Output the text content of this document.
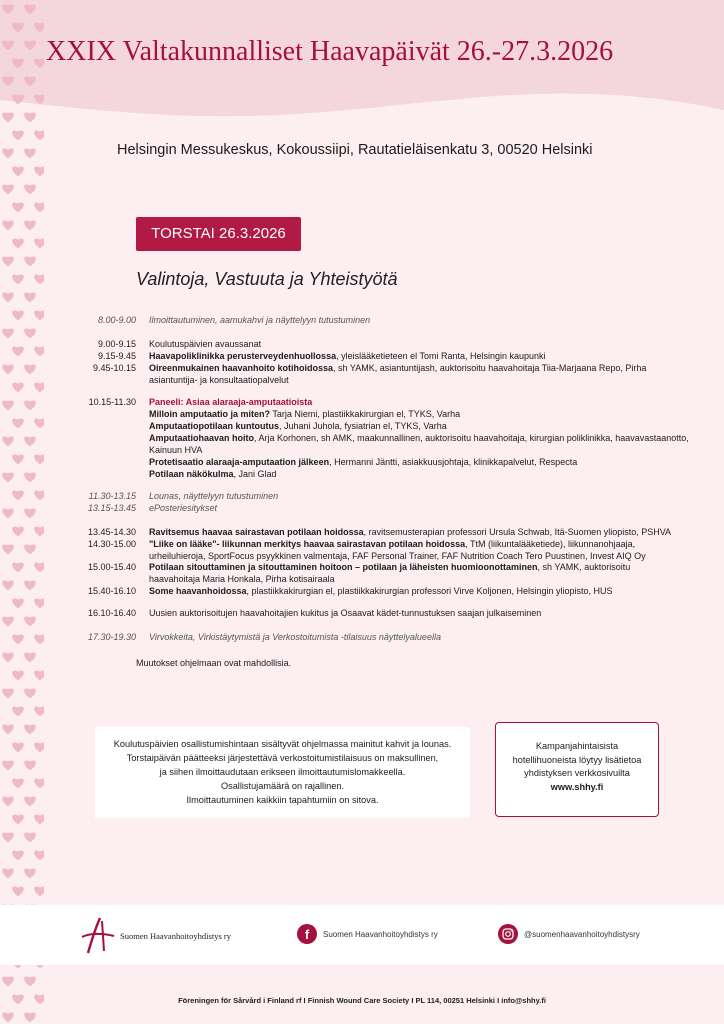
XXIX Valtakunnalliset Haavapäivät 26.-27.3.2026
Helsingin Messukeskus, Kokoussiipi, Rautatieläisenkatu 3, 00520 Helsinki
TORSTAI 26.3.2026
Valintoja, Vastuuta ja Yhteistyötä
8.00-9.00 Ilmoittautuminen, aamukahvi ja näyttelyyn tutustuminen
9.00-9.15 Koulutuspäivien avaussanat
9.15-9.45 Haavapoliklinikka perusterveydenhuollossa, yleislääketieteen el Tomi Ranta, Helsingin kaupunki
9.45-10.15 Oireenmukainen haavanhoito kotihoidossa, sh YAMK, asiantuntijash, auktorisoitu haavahoitaja Tiia-Marjaana Repo, Pirha
asiantuntija- ja konsultaatiopalvelut
10.15-11.30 Paneeli: Asiaa alaraaja-amputaatioista
Milloin amputaatio ja miten? Tarja Niemi, plastiikkakirurgian el, TYKS, Varha
Amputaatiopotilaan kuntoutus, Juhani Juhola, fysiatrian el, TYKS, Varha
Amputaatiohaavan hoito, Arja Korhonen, sh AMK, maakunnallinen, auktorisoitu haavahoitaja, kirurgian poliklinikka, haavavastaanotto,
Kainuun HVA
Protetisaatio alaraaja-amputaation jälkeen, Hermanni Jäntti, asiakkuusjohtaja, klinikkapalvelut, Respecta
Potilaan näkökulma, Jani Glad
11.30-13.15 Lounas, näyttelyyn tutustuminen
13.15-13.45 ePosteriesitykset
13.45-14.30 Ravitsemus haavaa sairastavan potilaan hoidossa, ravitsemusterapian professori Ursula Schwab, Itä-Suomen yliopisto, PSHVA
14.30-15.00 "Liike on lääke"- liikunnan merkitys haavaa sairastavan potilaan hoidossa, TtM (liikuntalääketiede), liikunnanohjaaja,
urheiluhieroja, SportFocus psyykkinen valmentaja, FAF Personal Trainer, FAF Nutrition Coach Tero Puustinen, Invest AIQ Oy
15.00-15.40 Potilaan sitouttaminen ja sitouttaminen hoitoon – potilaan ja läheisten huomioonottaminen, sh YAMK, auktorisoitu
haavahoitaja Maria Honkala, Pirha kotisairaala
15.40-16.10 Some haavanhoidossa, plastiikkakirurgian el, plastiikkakirurgian professori Virve Koljonen, Helsingin yliopisto, HUS
16.10-16.40 Uusien auktorisoitujen haavahoitajien kukitus ja Osaavat kädet-tunnustuksen saajan julkaiseminen
17.30-19.30 Virvokkeita, Virkistäytymistä ja Verkostoitumista -tilaisuus näyttelyalueella
Muutokset ohjelmaan ovat mahdollisia.
Koulutuspäivien osallistumishintaan sisältyvät ohjelmassa mainitut kahvit ja lounas.
Torstaipäivän päätteeksi järjestettävä verkostoitumistilaisuus on maksullinen,
ja siihen ilmoittaudutaan erikseen ilmoittautumislomakkeella.
Osallistujamäärä on rajallinen.
Ilmoittautuminen kaikkiin tapahtumiin on sitova.
Kampanjahintaisista
hotellihuoneista löytyy lisätietoa
yhdistyksen verkkosivuilta
www.shhy.fi
Suomen Haavanhoitoyhdistys ry	f	Suomen Haavanhoitoyhdistys ry	@suomenhaavanhoitoyhdistysry
Föreningen för Sårvård i Finland rf I Finnish Wound Care Society I PL 114, 00251 Helsinki I info@shhy.fi
